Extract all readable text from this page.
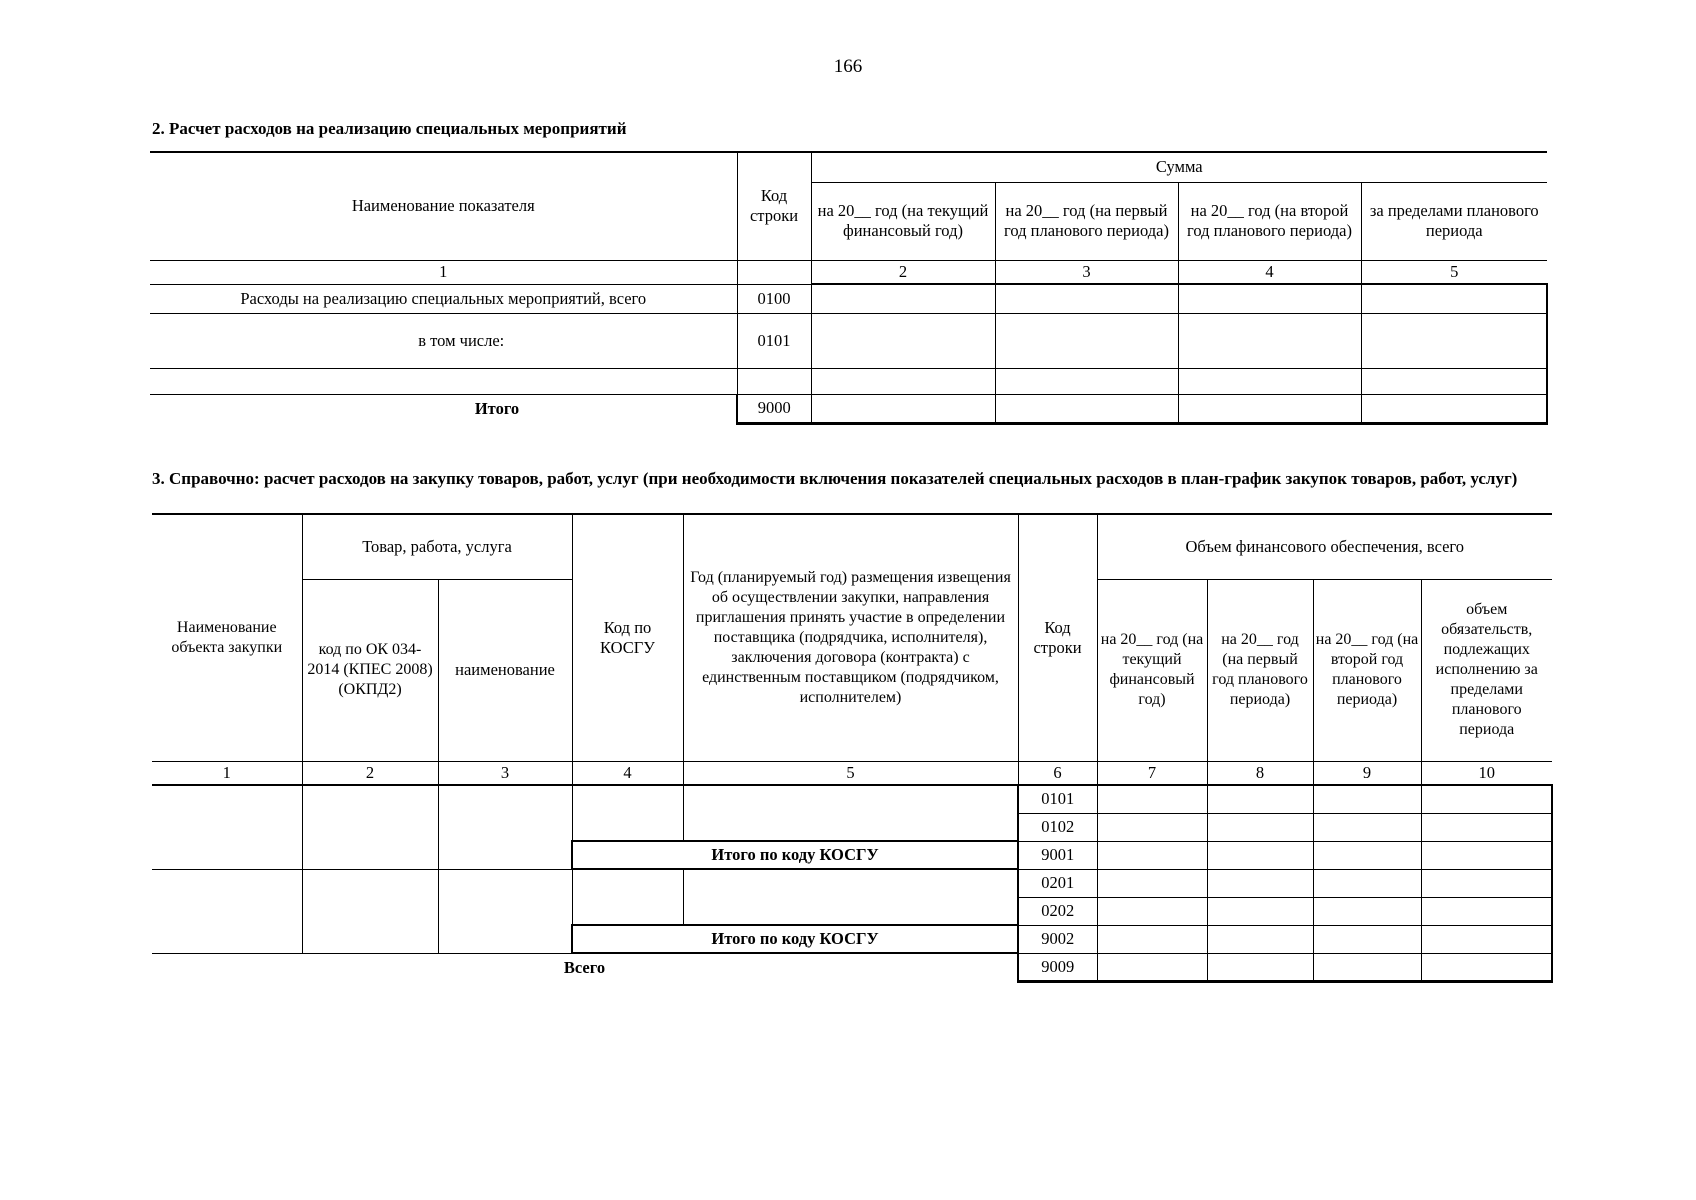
166
2. Расчет расходов на реализацию специальных мероприятий
Наименование показателя	Код строки	Сумма			
		на 20__ год (на текущий финансовый год)	на 20__ год (на первый год планового периода)	на 20__ год (на второй год планового периода)	за пределами планового периода
1		2	3	4	5
Расходы на реализацию специальных мероприятий, всего	0100				
в том числе:	0101				

Итого	9000				
3. Справочно: расчет расходов на закупку товаров, работ, услуг (при необходимости включения показателей специальных расходов в план-график закупок товаров, работ, услуг)
Наименование объекта закупки	Товар, работа, услуга		Код по КОСГУ	Год (планируемый год) размещения извещения об осуществлении закупки, направления приглашения принять участие в определении поставщика (подрядчика, исполнителя), заключения договора (контракта) с единственным поставщиком (подрядчиком, исполнителем)	Код строки	Объем финансового обеспечения, всего			
	код по ОК 034-2014 (КПЕС 2008) (ОКПД2)	наименование				на 20__ год (на текущий финансовый год)	на 20__ год (на первый год планового периода)	на 20__ год (на второй год планового периода)	объем обязательств, подлежащих исполнению за пределами планового периода
1	2	3	4	5	6	7	8	9	10
					0101				
					0102				
			Итого по коду КОСГУ		9001				
					0201				
					0202				
			Итого по коду КОСГУ		9002				
Всего					9009				
